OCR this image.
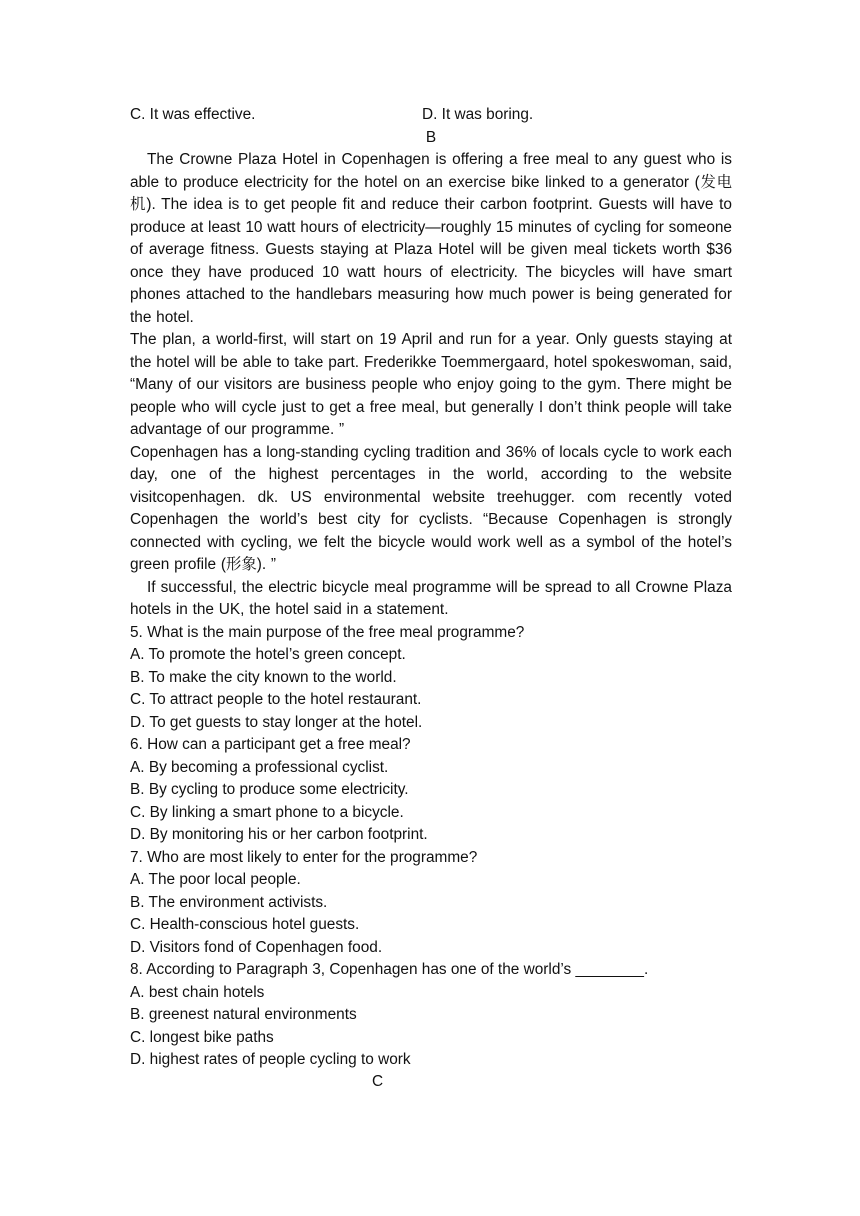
C. It was effective.	D. It was boring.
B

The Crowne Plaza Hotel in Copenhagen is offering a free meal to any guest who is able to produce electricity for the hotel on an exercise bike linked to a generator (发电机). The idea is to get people fit and reduce their carbon footprint. Guests will have to produce at least 10 watt hours of electricity—roughly 15 minutes of cycling for someone of average fitness. Guests staying at Plaza Hotel will be given meal tickets worth $36 once they have produced 10 watt hours of electricity. The bicycles will have smart phones attached to the handlebars measuring how much power is being generated for the hotel.

The plan, a world-first, will start on 19 April and run for a year. Only guests staying at the hotel will be able to take part. Frederikke Toemmergaard, hotel spokeswoman, said, “Many of our visitors are business people who enjoy going to the gym. There might be people who will cycle just to get a free meal, but generally I don’t think people will take advantage of our programme. ”

Copenhagen has a long-standing cycling tradition and 36% of locals cycle to work each day, one of the highest percentages in the world, according to the website visitcopenhagen. dk. US environmental website treehugger. com recently voted Copenhagen the world’s best city for cyclists. “Because Copenhagen is strongly connected with cycling, we felt the bicycle would work well as a symbol of the hotel’s green profile (形象). ”

If successful, the electric bicycle meal programme will be spread to all Crowne Plaza hotels in the UK, the hotel said in a statement.

5. What is the main purpose of the free meal programme?

A. To promote the hotel’s green concept.

B. To make the city known to the world.

C. To attract people to the hotel restaurant.

D. To get guests to stay longer at the hotel.

6. How can a participant get a free meal?

A. By becoming a professional cyclist.

B. By cycling to produce some electricity.

C. By linking a smart phone to a bicycle.

D. By monitoring his or her carbon footprint.

7. Who are most likely to enter for the programme?

A. The poor local people.

B. The environment activists.

C. Health-conscious hotel guests.

D. Visitors fond of Copenhagen food.

8. According to Paragraph 3, Copenhagen has one of the world’s ________.

A. best chain hotels

B. greenest natural environments

C. longest bike paths

D. highest rates of people cycling to work

C
